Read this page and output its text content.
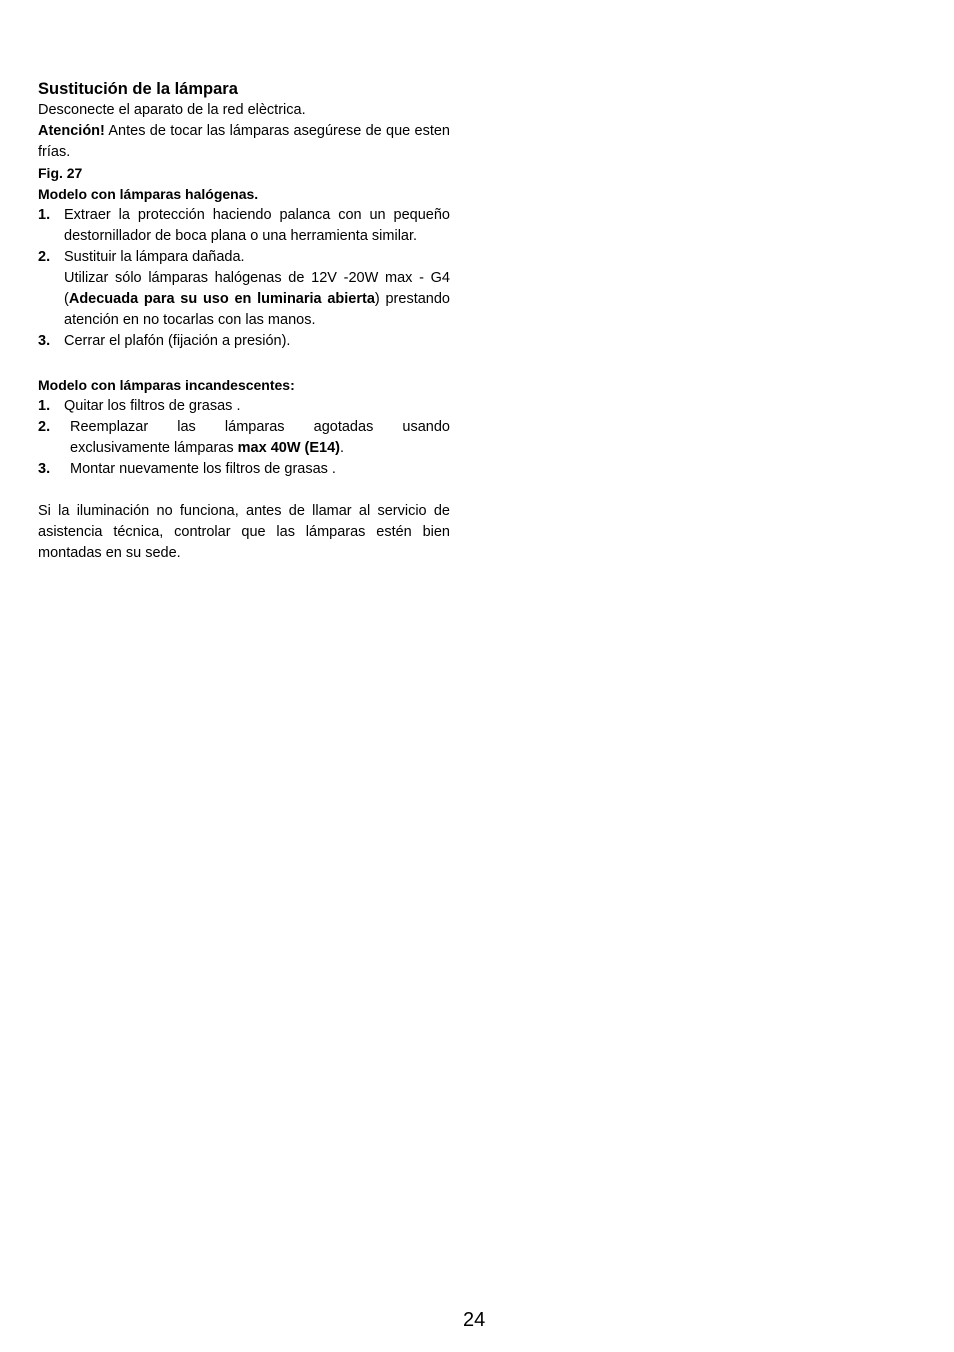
Sustitución de la lámpara

Desconecte el aparato de la red elèctrica.

Atención! Antes de tocar las lámparas asegúrese de que esten frías.

Fig. 27

Modelo con lámparas halógenas.

1. Extraer la protección haciendo palanca con un pequeño destornillador de boca plana o una herramienta similar.
2. Sustituir la lámpara dañada.
Utilizar sólo lámparas halógenas de 12V -20W max - G4 (Adecuada para su uso en luminaria abierta) prestando atención en no tocarlas con las manos.
3. Cerrar el plafón (fijación a presión).

Modelo con lámparas incandescentes:

1. Quitar los filtros de grasas .
2.	Reemplazar las lámparas agotadas usando exclusivamente lámparas max 40W (E14).
3.	Montar nuevamente los filtros de grasas .

Si la iluminación no funciona, antes de llamar al servicio de asistencia técnica, controlar que las lámparas estén bien montadas en su sede.

24
